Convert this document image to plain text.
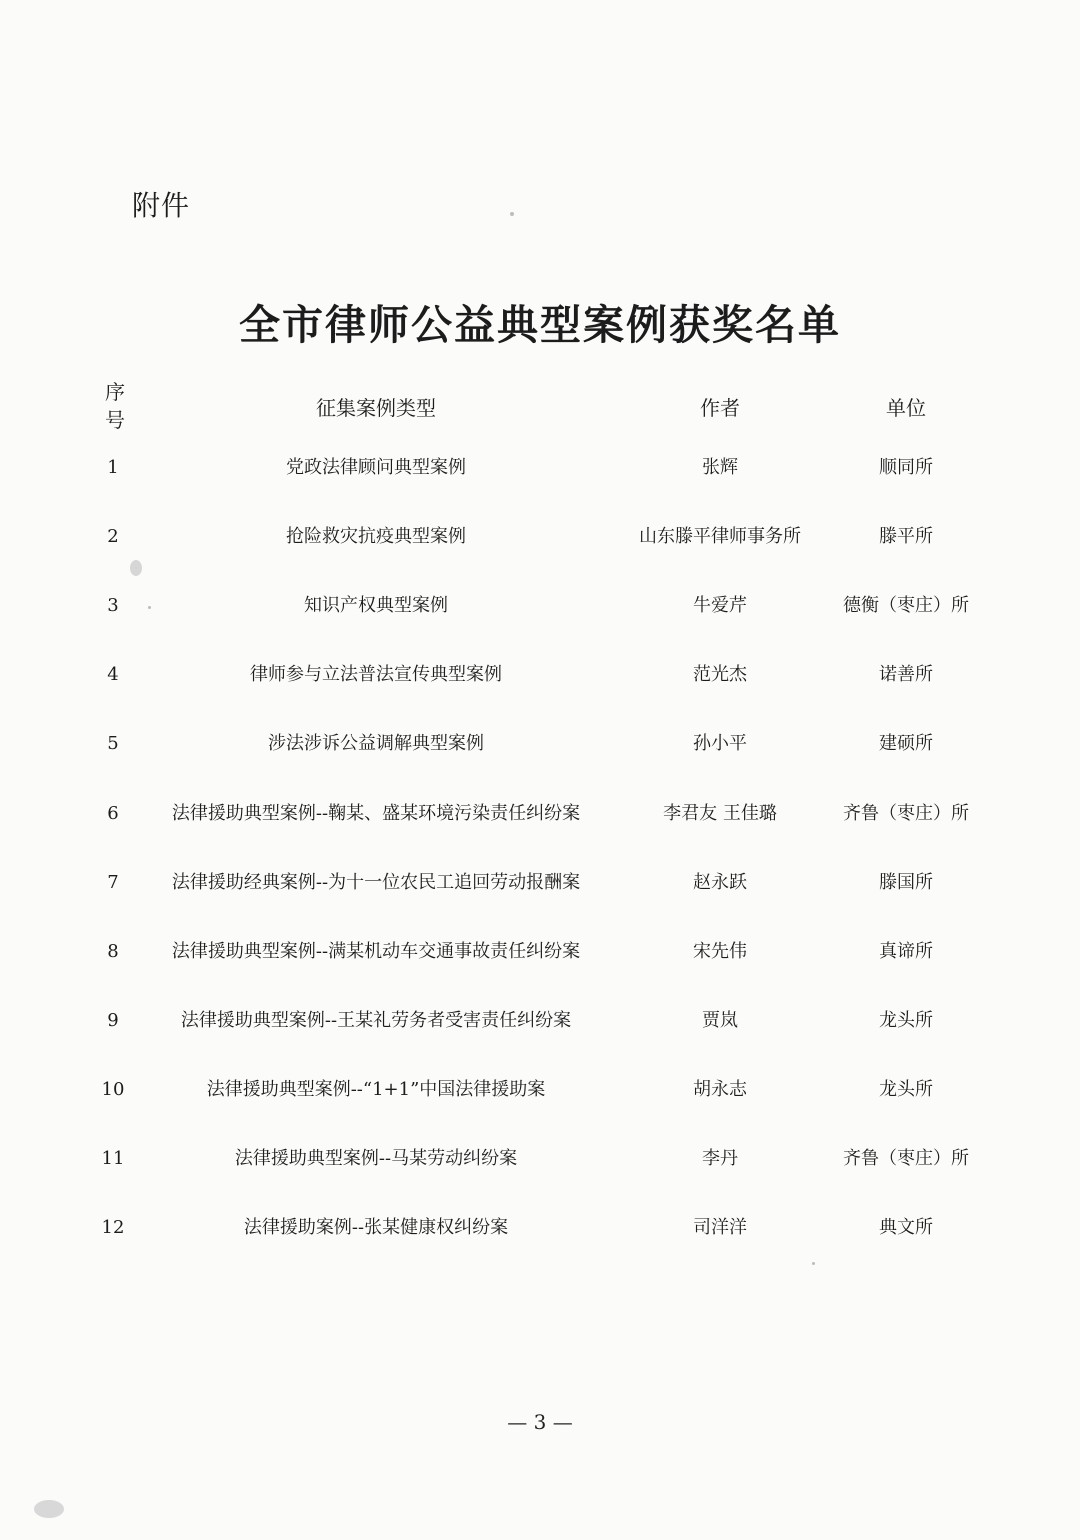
附件
全市律师公益典型案例获奖名单
序
号	征集案例类型	作者	单位
1	党政法律顾问典型案例	张辉	顺同所
2	抢险救灾抗疫典型案例	山东滕平律师事务所	滕平所
3	知识产权典型案例	牛爱芹	德衡（枣庄）所
4	律师参与立法普法宣传典型案例	范光杰	诺善所
5	涉法涉诉公益调解典型案例	孙小平	建硕所
6	法律援助典型案例--鞠某、盛某环境污染责任纠纷案	李君友 王佳璐	齐鲁（枣庄）所
7	法律援助经典案例--为十一位农民工追回劳动报酬案	赵永跃	滕国所
8	法律援助典型案例--满某机动车交通事故责任纠纷案	宋先伟	真谛所
9	法律援助典型案例--王某礼劳务者受害责任纠纷案	贾岚	龙头所
10	法律援助典型案例--“1+1”中国法律援助案	胡永志	龙头所
11	法律援助典型案例--马某劳动纠纷案	李丹	齐鲁（枣庄）所
12	法律援助案例--张某健康权纠纷案	司洋洋	典文所
— 3 —
